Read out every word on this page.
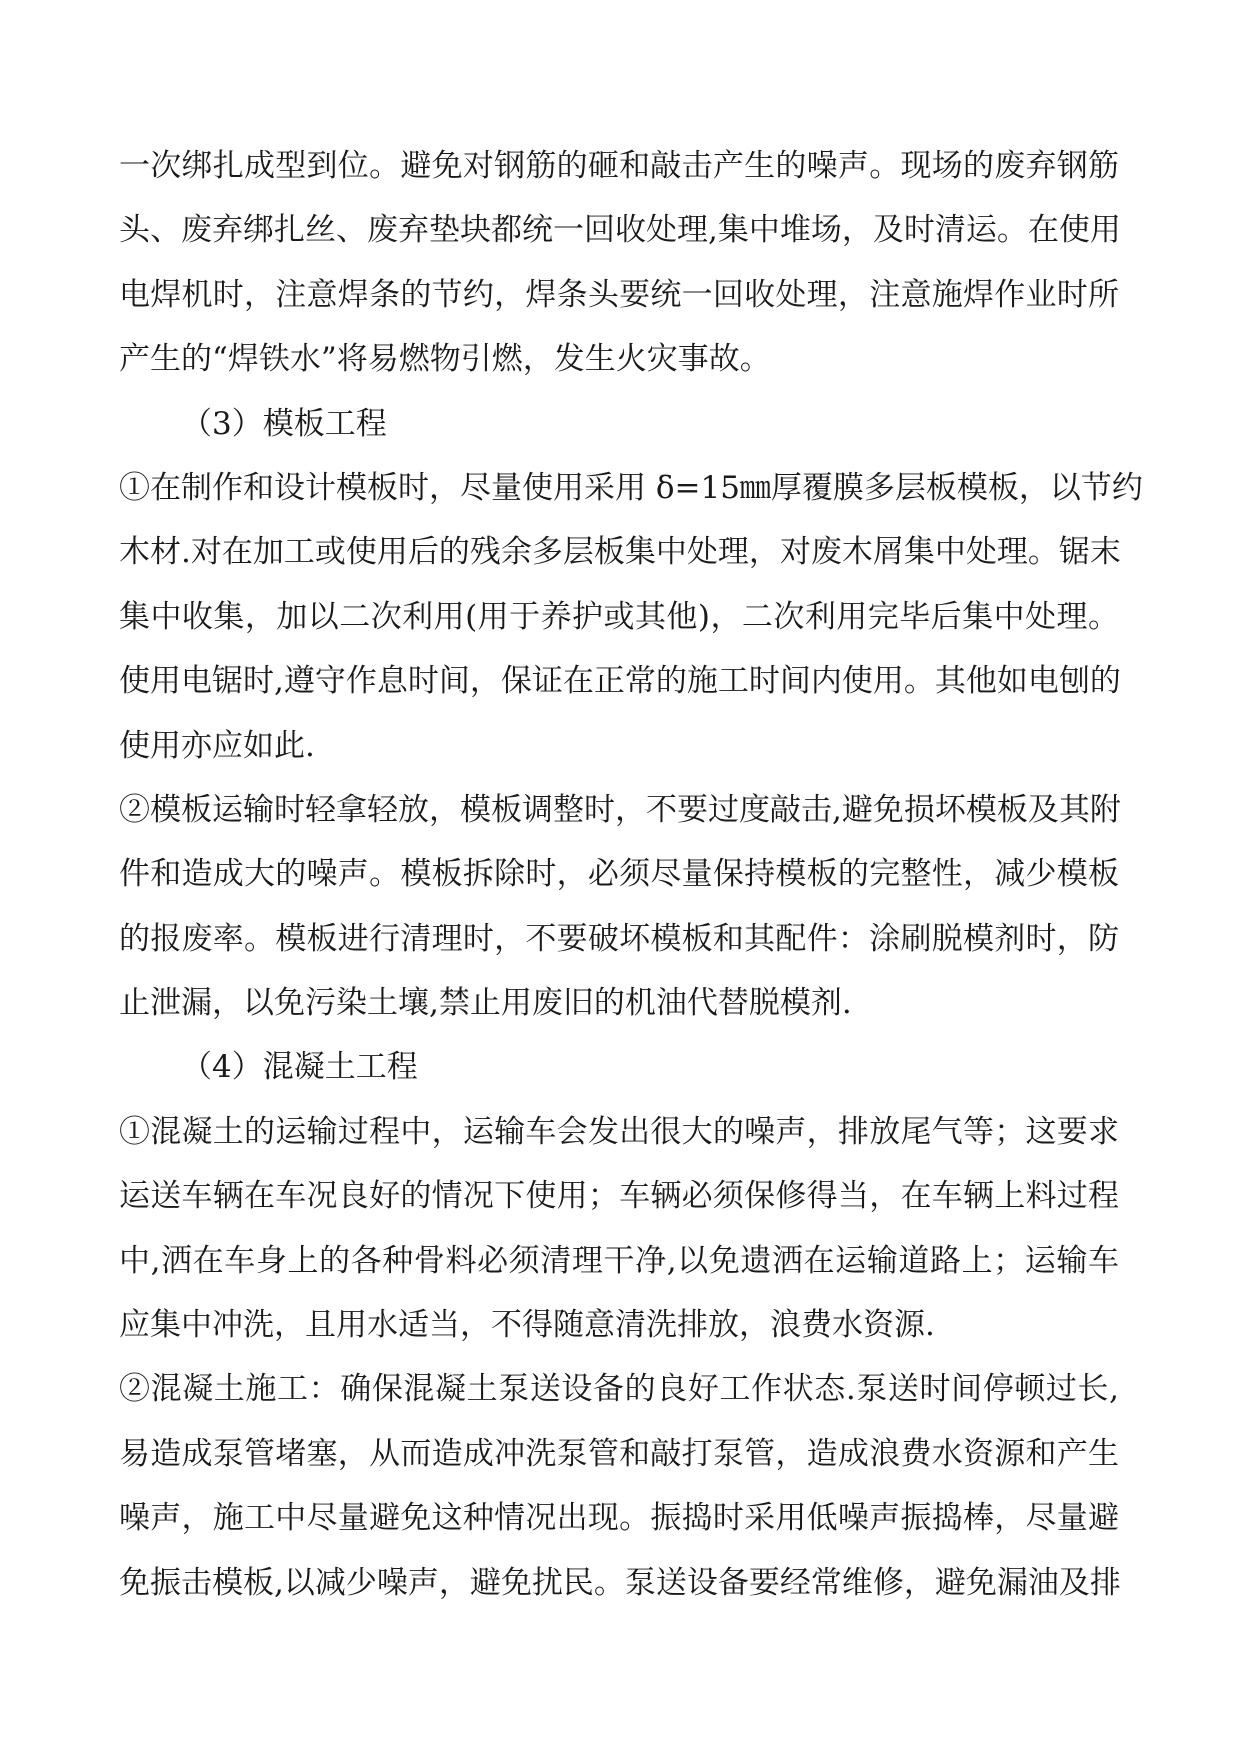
一次绑扎成型到位。避免对钢筋的砸和敲击产生的噪声。现场的废弃钢筋
头、废弃绑扎丝、废弃垫块都统一回收处理,集中堆场，及时清运。在使用
电焊机时，注意焊条的节约，焊条头要统一回收处理，注意施焊作业时所
产生的“焊铁水”将易燃物引燃，发生火灾事故。
（3）模板工程
①在制作和设计模板时，尽量使用采用 δ=15㎜厚覆膜多层板模板，以节约
木材.对在加工或使用后的残余多层板集中处理，对废木屑集中处理。锯末
集中收集，加以二次利用(用于养护或其他)，二次利用完毕后集中处理。
使用电锯时,遵守作息时间，保证在正常的施工时间内使用。其他如电刨的
使用亦应如此.
②模板运输时轻拿轻放，模板调整时，不要过度敲击,避免损坏模板及其附
件和造成大的噪声。模板拆除时，必须尽量保持模板的完整性，减少模板
的报废率。模板进行清理时，不要破坏模板和其配件：涂刷脱模剂时，防
止泄漏，以免污染土壤,禁止用废旧的机油代替脱模剂.
（4）混凝土工程
①混凝土的运输过程中，运输车会发出很大的噪声，排放尾气等；这要求
运送车辆在车况良好的情况下使用；车辆必须保修得当，在车辆上料过程
中,洒在车身上的各种骨料必须清理干净,以免遗洒在运输道路上；运输车
应集中冲洗，且用水适当，不得随意清洗排放，浪费水资源.
②混凝土施工：确保混凝土泵送设备的良好工作状态.泵送时间停顿过长,
易造成泵管堵塞，从而造成冲洗泵管和敲打泵管，造成浪费水资源和产生
噪声，施工中尽量避免这种情况出现。振捣时采用低噪声振捣棒，尽量避
免振击模板,以减少噪声，避免扰民。泵送设备要经常维修，避免漏油及排
